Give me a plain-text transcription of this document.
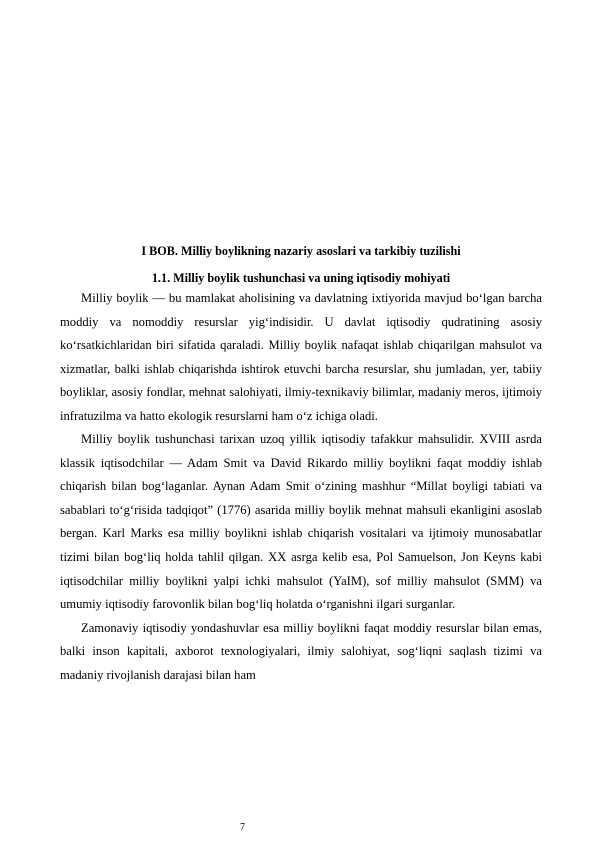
I BOB. Milliy boylikning nazariy asoslari va tarkibiy tuzilishi
1.1. Milliy boylik tushunchasi va uning iqtisodiy mohiyati

Milliy boylik — bu mamlakat aholisining va davlatning ixtiyorida mavjud bo‘lgan barcha moddiy va nomoddiy resurslar yig‘indisidir. U davlat iqtisodiy qudratining asosiy ko‘rsatkichlaridan biri sifatida qaraladi. Milliy boylik nafaqat ishlab chiqarilgan mahsulot va xizmatlar, balki ishlab chiqarishda ishtirok etuvchi barcha resurslar, shu jumladan, yer, tabiiy boyliklar, asosiy fondlar, mehnat salohiyati, ilmiy-texnikaviy bilimlar, madaniy meros, ijtimoiy infratuzilma va hatto ekologik resurslarni ham o‘z ichiga oladi.

Milliy boylik tushunchasi tarixan uzoq yillik iqtisodiy tafakkur mahsulidir. XVIII asrda klassik iqtisodchilar — Adam Smit va David Rikardo milliy boylikni faqat moddiy ishlab chiqarish bilan bog‘laganlar. Aynan Adam Smit o‘zining mashhur “Millat boyligi tabiati va sabablari to‘g‘risida tadqiqot” (1776) asarida milliy boylik mehnat mahsuli ekanligini asoslab bergan. Karl Marks esa milliy boylikni ishlab chiqarish vositalari va ijtimoiy munosabatlar tizimi bilan bog‘liq holda tahlil qilgan. XX asrga kelib esa, Pol Samuelson, Jon Keyns kabi iqtisodchilar milliy boylikni yalpi ichki mahsulot (YaIM), sof milliy mahsulot (SMM) va umumiy iqtisodiy farovonlik bilan bog‘liq holatda o‘rganishni ilgari surganlar.

Zamonaviy iqtisodiy yondashuvlar esa milliy boylikni faqat moddiy resurslar bilan emas, balki inson kapitali, axborot texnologiyalari, ilmiy salohiyat, sog‘liqni saqlash tizimi va madaniy rivojlanish darajasi bilan ham

7
